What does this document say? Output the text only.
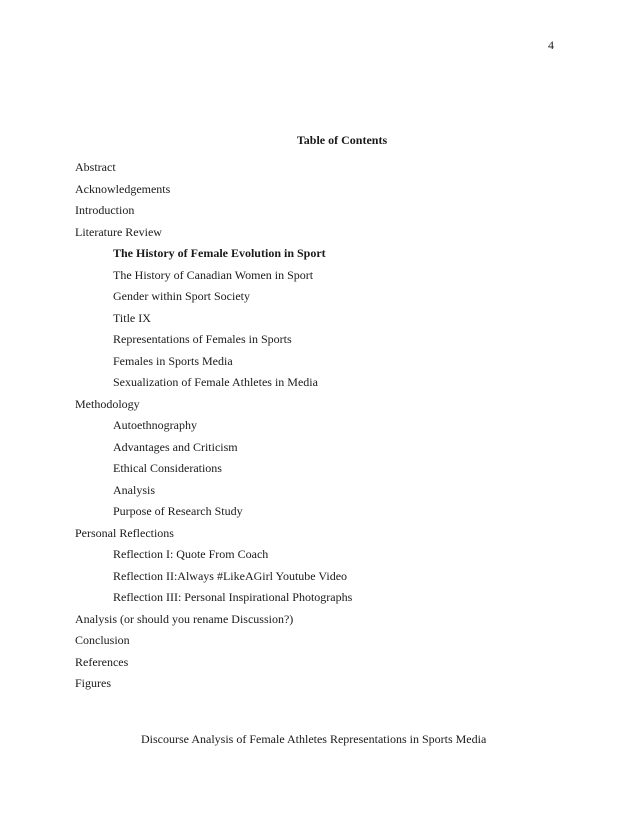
4
Table of Contents
Abstract
Acknowledgements
Introduction
Literature Review
The History of Female Evolution in Sport
The History of Canadian Women in Sport
Gender within Sport Society
Title IX
Representations of Females in Sports
Females in Sports Media
Sexualization of Female Athletes in Media
Methodology
Autoethnography
Advantages and Criticism
Ethical Considerations
Analysis
Purpose of Research Study
Personal Reflections
Reflection I: Quote From Coach
Reflection II:Always #LikeAGirl Youtube Video
Reflection III: Personal Inspirational Photographs
Analysis (or should you rename Discussion?)
Conclusion
References
Figures
Discourse Analysis of Female Athletes Representations in Sports Media
